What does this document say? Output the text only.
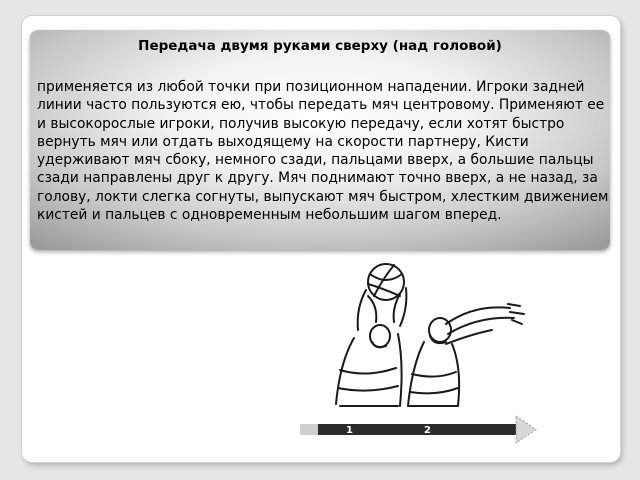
Передача двумя руками сверху (над головой)
применяется из любой точки при позиционном нападении. Игроки задней линии часто пользуются ею, чтобы передать мяч центровому. Применяют ее и высокорослые игроки, получив высокую передачу, если хотят быстро вернуть мяч или отдать выходящему на скорости партнеру, Кисти удерживают мяч сбоку, немного сзади, пальцами вверх, а большие пальцы сзади направлены друг к другу. Мяч поднимают точно вверх, а не назад, за голову, локти слегка согнуты, выпускают мяч быстром, хлестким движением кистей и пальцев с одновременным небольшим шагом вперед.
1	2
